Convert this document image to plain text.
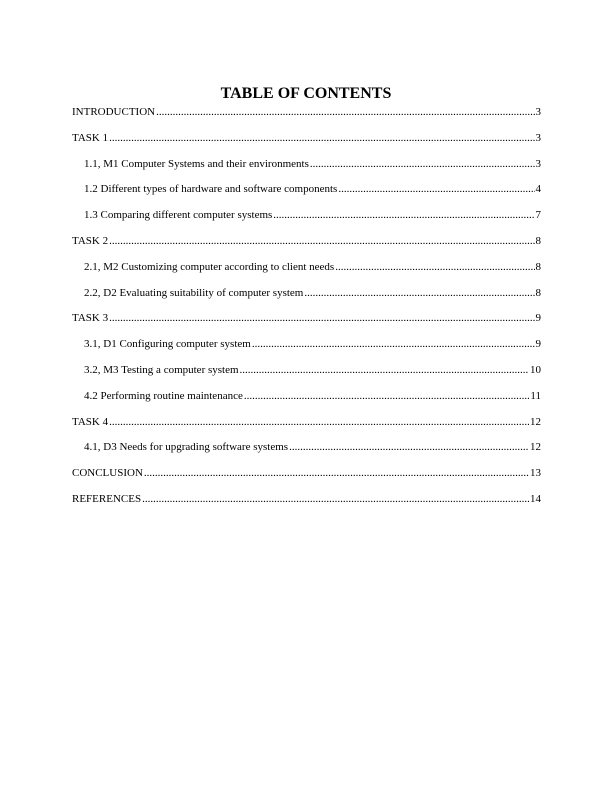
TABLE OF CONTENTS
INTRODUCTION .....	3
TASK 1 .....	3
1.1, M1 Computer Systems and their environments .....	3
1.2 Different types of hardware and software components .....	4
1.3 Comparing different computer systems .....	7
TASK 2 .....	8
2.1, M2 Customizing computer according to client needs .....	8
2.2, D2 Evaluating suitability of computer system .....	8
TASK 3 .....	9
3.1, D1 Configuring computer system .....	9
3.2, M3 Testing a computer system .....	10
4.2 Performing routine maintenance .....	11
TASK 4 .....	12
4.1, D3 Needs for upgrading software systems .....	12
CONCLUSION .....	13
REFERENCES .....	14
